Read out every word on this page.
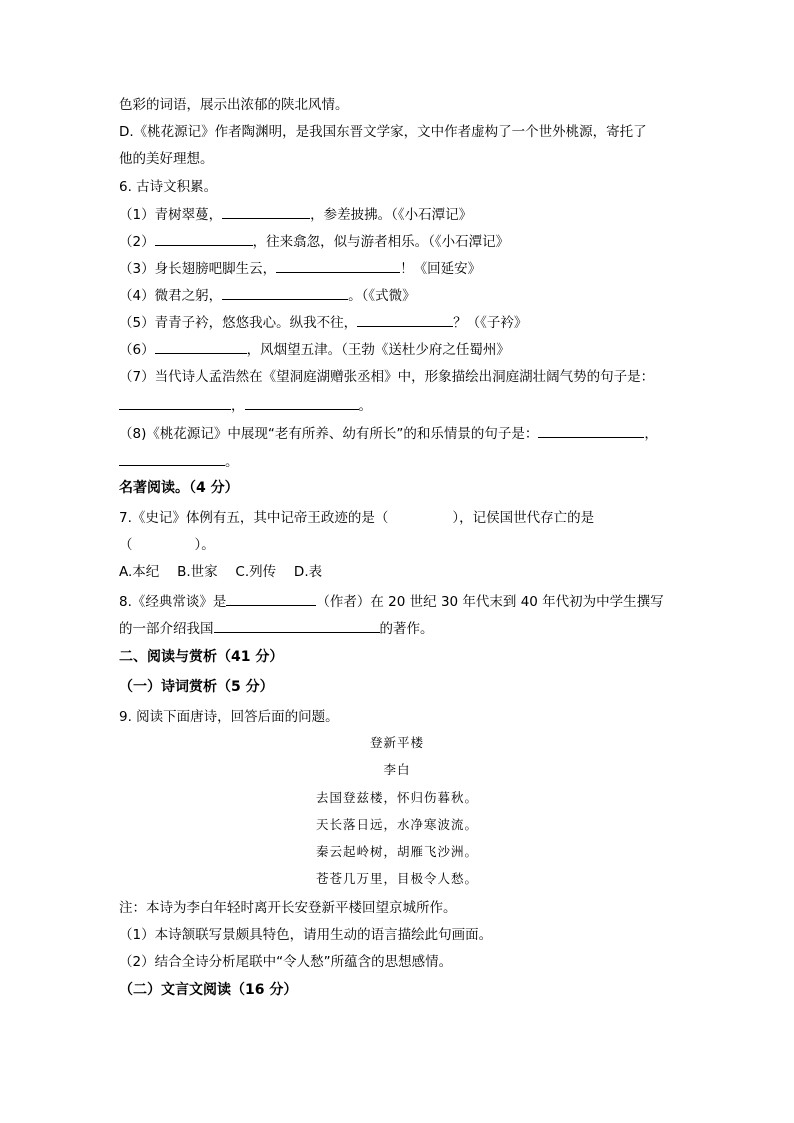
色彩的词语，展示出浓郁的陕北风情。
D.《桃花源记》作者陶渊明，是我国东晋文学家，文中作者虚构了一个世外桃源，寄托了
他的美好理想。
6. 古诗文积累。
（1）青树翠蔓，	，参差披拂。（《小石潭记》
（2）	，往来翕忽，似与游者相乐。（《小石潭记》
（3）身长翅膀吧脚生云，	！《回延安》
（4）微君之躬，	。（《式微》
（5）青青子衿，悠悠我心。纵我不往，	？（《子衿》
（6）	，风烟望五津。（王勃《送杜少府之任蜀州》
（7）当代诗人孟浩然在《望洞庭湖赠张丞相》中，形象描绘出洞庭湖壮阔气势的句子是：
，	。
（8)《桃花源记》中展现“老有所养、幼有所长”的和乐情景的句子是：	，
。
名著阅读。（4 分）
7.《史记》体例有五，其中记帝王政迹的是（	），记侯国世代存亡的是
（	）。
A.本纪　 B.世家　 C.列传　 D.表
8.《经典常谈》是	（作者）在 20 世纪 30 年代末到 40 年代初为中学生撰写
的一部介绍我国	的著作。
二、阅读与赏析（41 分）
（一）诗词赏析（5 分）
9. 阅读下面唐诗，回答后面的问题。
登新平楼
李白
去国登兹楼，怀归伤暮秋。
天长落日远，水净寒波流。
秦云起岭树，胡雁飞沙洲。
苍苍几万里，目极令人愁。
注：本诗为李白年轻时离开长安登新平楼回望京城所作。
（1）本诗颔联写景颇具特色，请用生动的语言描绘此句画面。
（2）结合全诗分析尾联中“令人愁”所蕴含的思想感情。
（二）文言文阅读（16 分）
